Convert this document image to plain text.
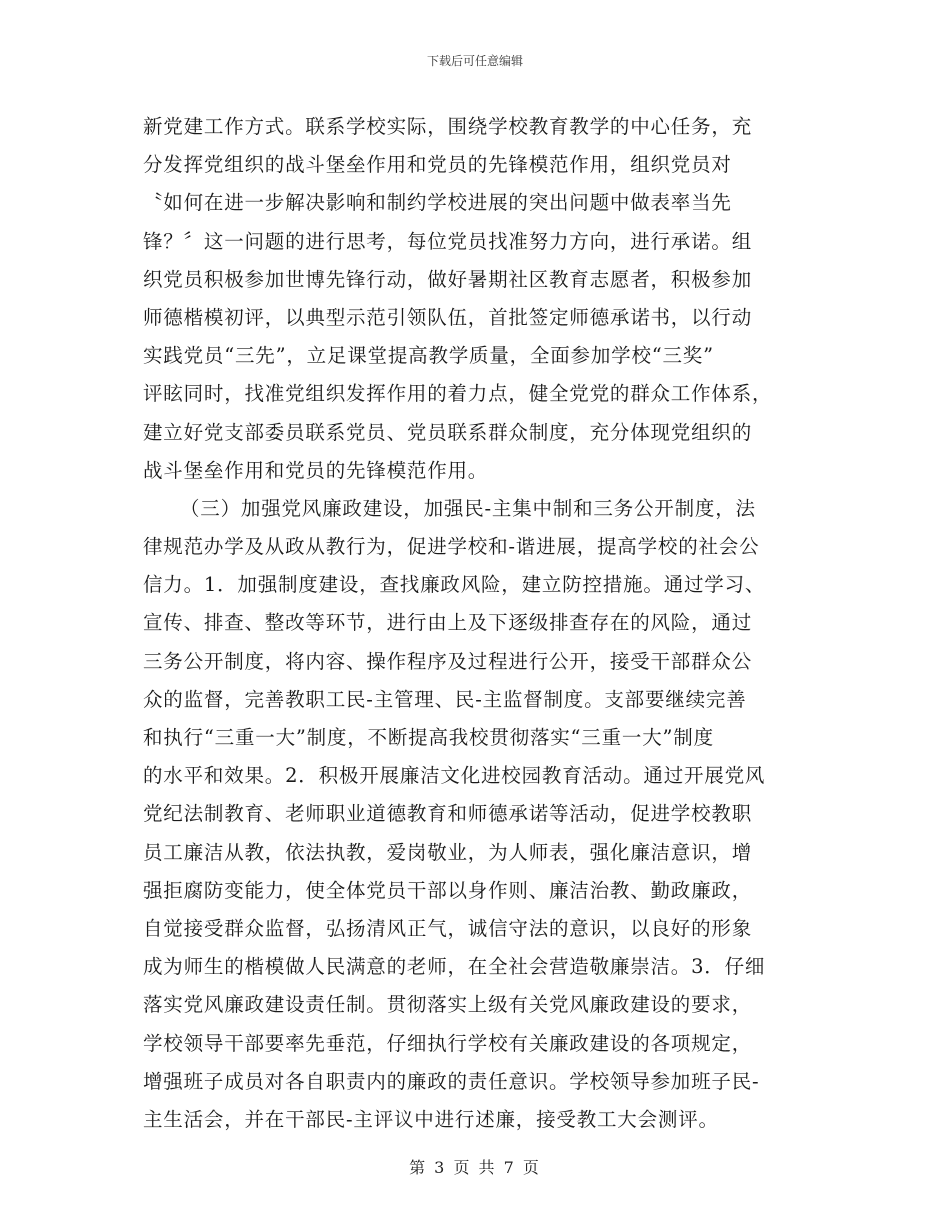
下载后可任意编辑
新党建工作方式。联系学校实际，围绕学校教育教学的中心任务，充
分发挥党组织的战斗堡垒作用和党员的先锋模范作用，组织党员对
〝如何在进一步解决影响和制约学校进展的突出问题中做表率当先
锋？〞这一问题的进行思考，每位党员找准努力方向，进行承诺。组
织党员积极参加世博先锋行动，做好暑期社区教育志愿者，积极参加
师德楷模初评，以典型示范引领队伍，首批签定师德承诺书，以行动
实践党员“三先”，立足课堂提高教学质量，全面参加学校“三奖”
评眩同时，找准党组织发挥作用的着力点，健全党党的群众工作体系，
建立好党支部委员联系党员、党员联系群众制度，充分体现党组织的
战斗堡垒作用和党员的先锋模范作用。
（三）加强党风廉政建设，加强民-主集中制和三务公开制度，法
律规范办学及从政从教行为，促进学校和-谐进展，提高学校的社会公
信力。1．加强制度建设，查找廉政风险，建立防控措施。通过学习、
宣传、排查、整改等环节，进行由上及下逐级排查存在的风险，通过
三务公开制度，将内容、操作程序及过程进行公开，接受干部群众公
众的监督，完善教职工民-主管理、民-主监督制度。支部要继续完善
和执行“三重一大”制度，不断提高我校贯彻落实“三重一大”制度
的水平和效果。2．积极开展廉洁文化进校园教育活动。通过开展党风
党纪法制教育、老师职业道德教育和师德承诺等活动，促进学校教职
员工廉洁从教，依法执教，爱岗敬业，为人师表，强化廉洁意识，增
强拒腐防变能力，使全体党员干部以身作则、廉洁治教、勤政廉政，
自觉接受群众监督，弘扬清风正气，诚信守法的意识，以良好的形象
成为师生的楷模做人民满意的老师，在全社会营造敬廉崇洁。3．仔细
落实党风廉政建设责任制。贯彻落实上级有关党风廉政建设的要求，
学校领导干部要率先垂范，仔细执行学校有关廉政建设的各项规定，
增强班子成员对各自职责内的廉政的责任意识。学校领导参加班子民-
主生活会，并在干部民-主评议中进行述廉，接受教工大会测评。
第 3 页 共 7 页
